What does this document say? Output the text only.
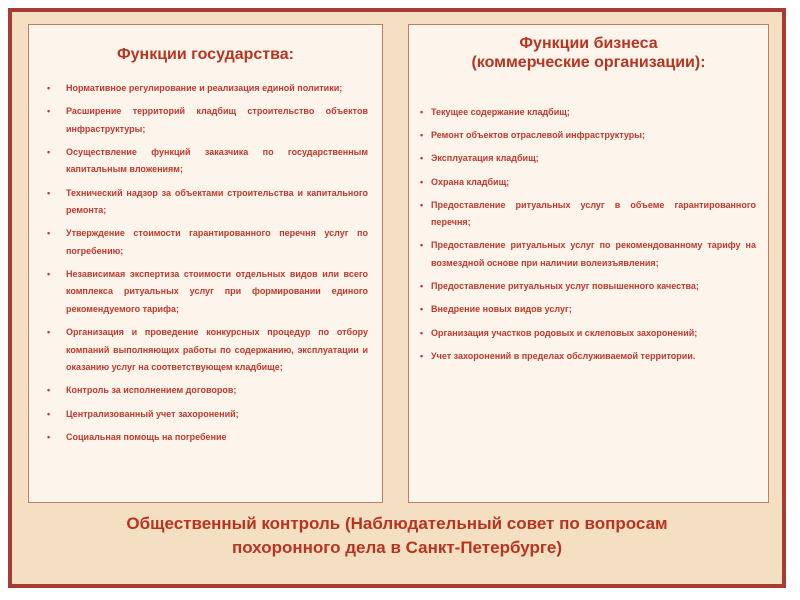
Функции государства:
• Нормативное регулирование и реализация единой политики;
• Расширение территорий кладбищ строительство объектов инфраструктуры;
• Осуществление функций заказчика по государственным капитальным вложениям;
• Технический надзор за объектами строительства и капитального ремонта;
• Утверждение стоимости гарантированного перечня услуг по погребению;
• Независимая экспертиза стоимости отдельных видов или всего комплекса ритуальных услуг при формировании единого рекомендуемого тарифа;
• Организация и проведение конкурсных процедур по отбору компаний выполняющих работы по содержанию, эксплуатации и оказанию услуг на соответствующем кладбище;
• Контроль за исполнением договоров;
• Централизованный учет захоронений;
• Социальная помощь на погребение
Функции бизнеса
(коммерческие организации):
• Текущее содержание кладбищ;
• Ремонт объектов отраслевой инфраструктуры;
• Эксплуатация кладбищ;
• Охрана кладбищ;
• Предоставление ритуальных услуг в объеме гарантированного перечня;
• Предоставление ритуальных услуг по рекомендованному тарифу на возмездной основе при наличии волеизъявления;
• Предоставление ритуальных услуг повышенного качества;
• Внедрение новых видов услуг;
• Организация участков родовых и склеповых захоронений;
• Учет захоронений в пределах обслуживаемой территории.
Общественный контроль (Наблюдательный совет по вопросам
похоронного дела в Санкт-Петербурге)
